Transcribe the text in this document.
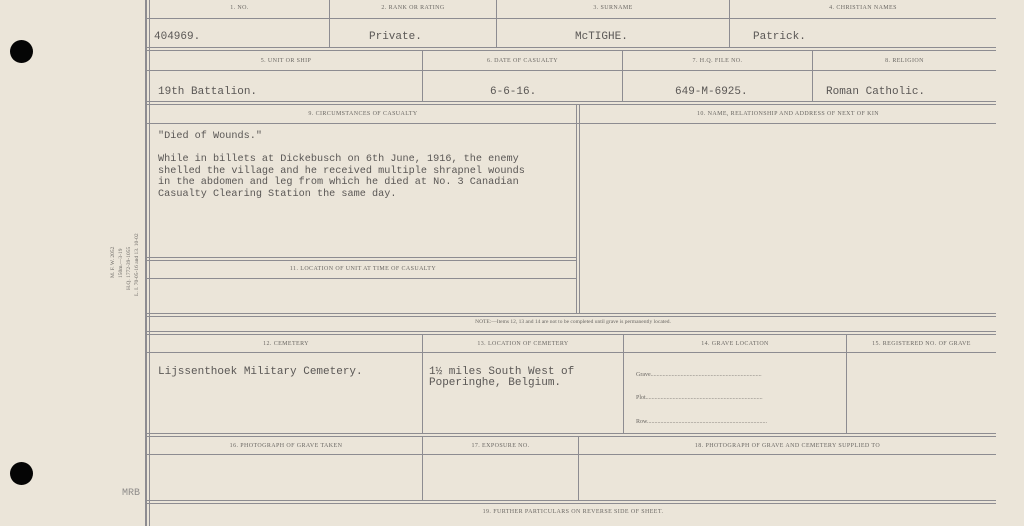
M. F. W. 2052 150m.—3-19 H.Q. 1772-39-1055 L. I. 70-05-16 and 13. 10-02
1. NO.	2. RANK OR RATING	3. SURNAME	4. CHRISTIAN NAMES
404969.	Private.	McTIGHE.	Patrick.
5. UNIT OR SHIP	6. DATE OF CASUALTY	7. H.Q. FILE NO.	8. RELIGION
19th Battalion.	6-6-16.	649-M-6925.	Roman Catholic.
9. CIRCUMSTANCES OF CASUALTY	10. NAME, RELATIONSHIP AND ADDRESS OF NEXT OF KIN
"Died of Wounds."
While in billets at Dickebusch on 6th June, 1916, the enemy
shelled the village and he received multiple shrapnel wounds
in the abdomen and leg from which he died at No. 3 Canadian
Casualty Clearing Station the same day.
11. LOCATION OF UNIT AT TIME OF CASUALTY
NOTE:—Items 12, 13 and 14 are not to be completed until grave is permanently located.
12. CEMETERY	13. LOCATION OF CEMETERY	14. GRAVE LOCATION	15. REGISTERED NO. OF GRAVE
Lijssenthoek Military Cemetery.	1½ miles South West of
Poperinghe, Belgium.
Grave..........................................................................
Plot..............................................................................
Row................................................................................
16. PHOTOGRAPH OF GRAVE TAKEN	17. EXPOSURE NO.	18. PHOTOGRAPH OF GRAVE AND CEMETERY SUPPLIED TO
19. FURTHER PARTICULARS ON REVERSE SIDE OF SHEET.
MRB
